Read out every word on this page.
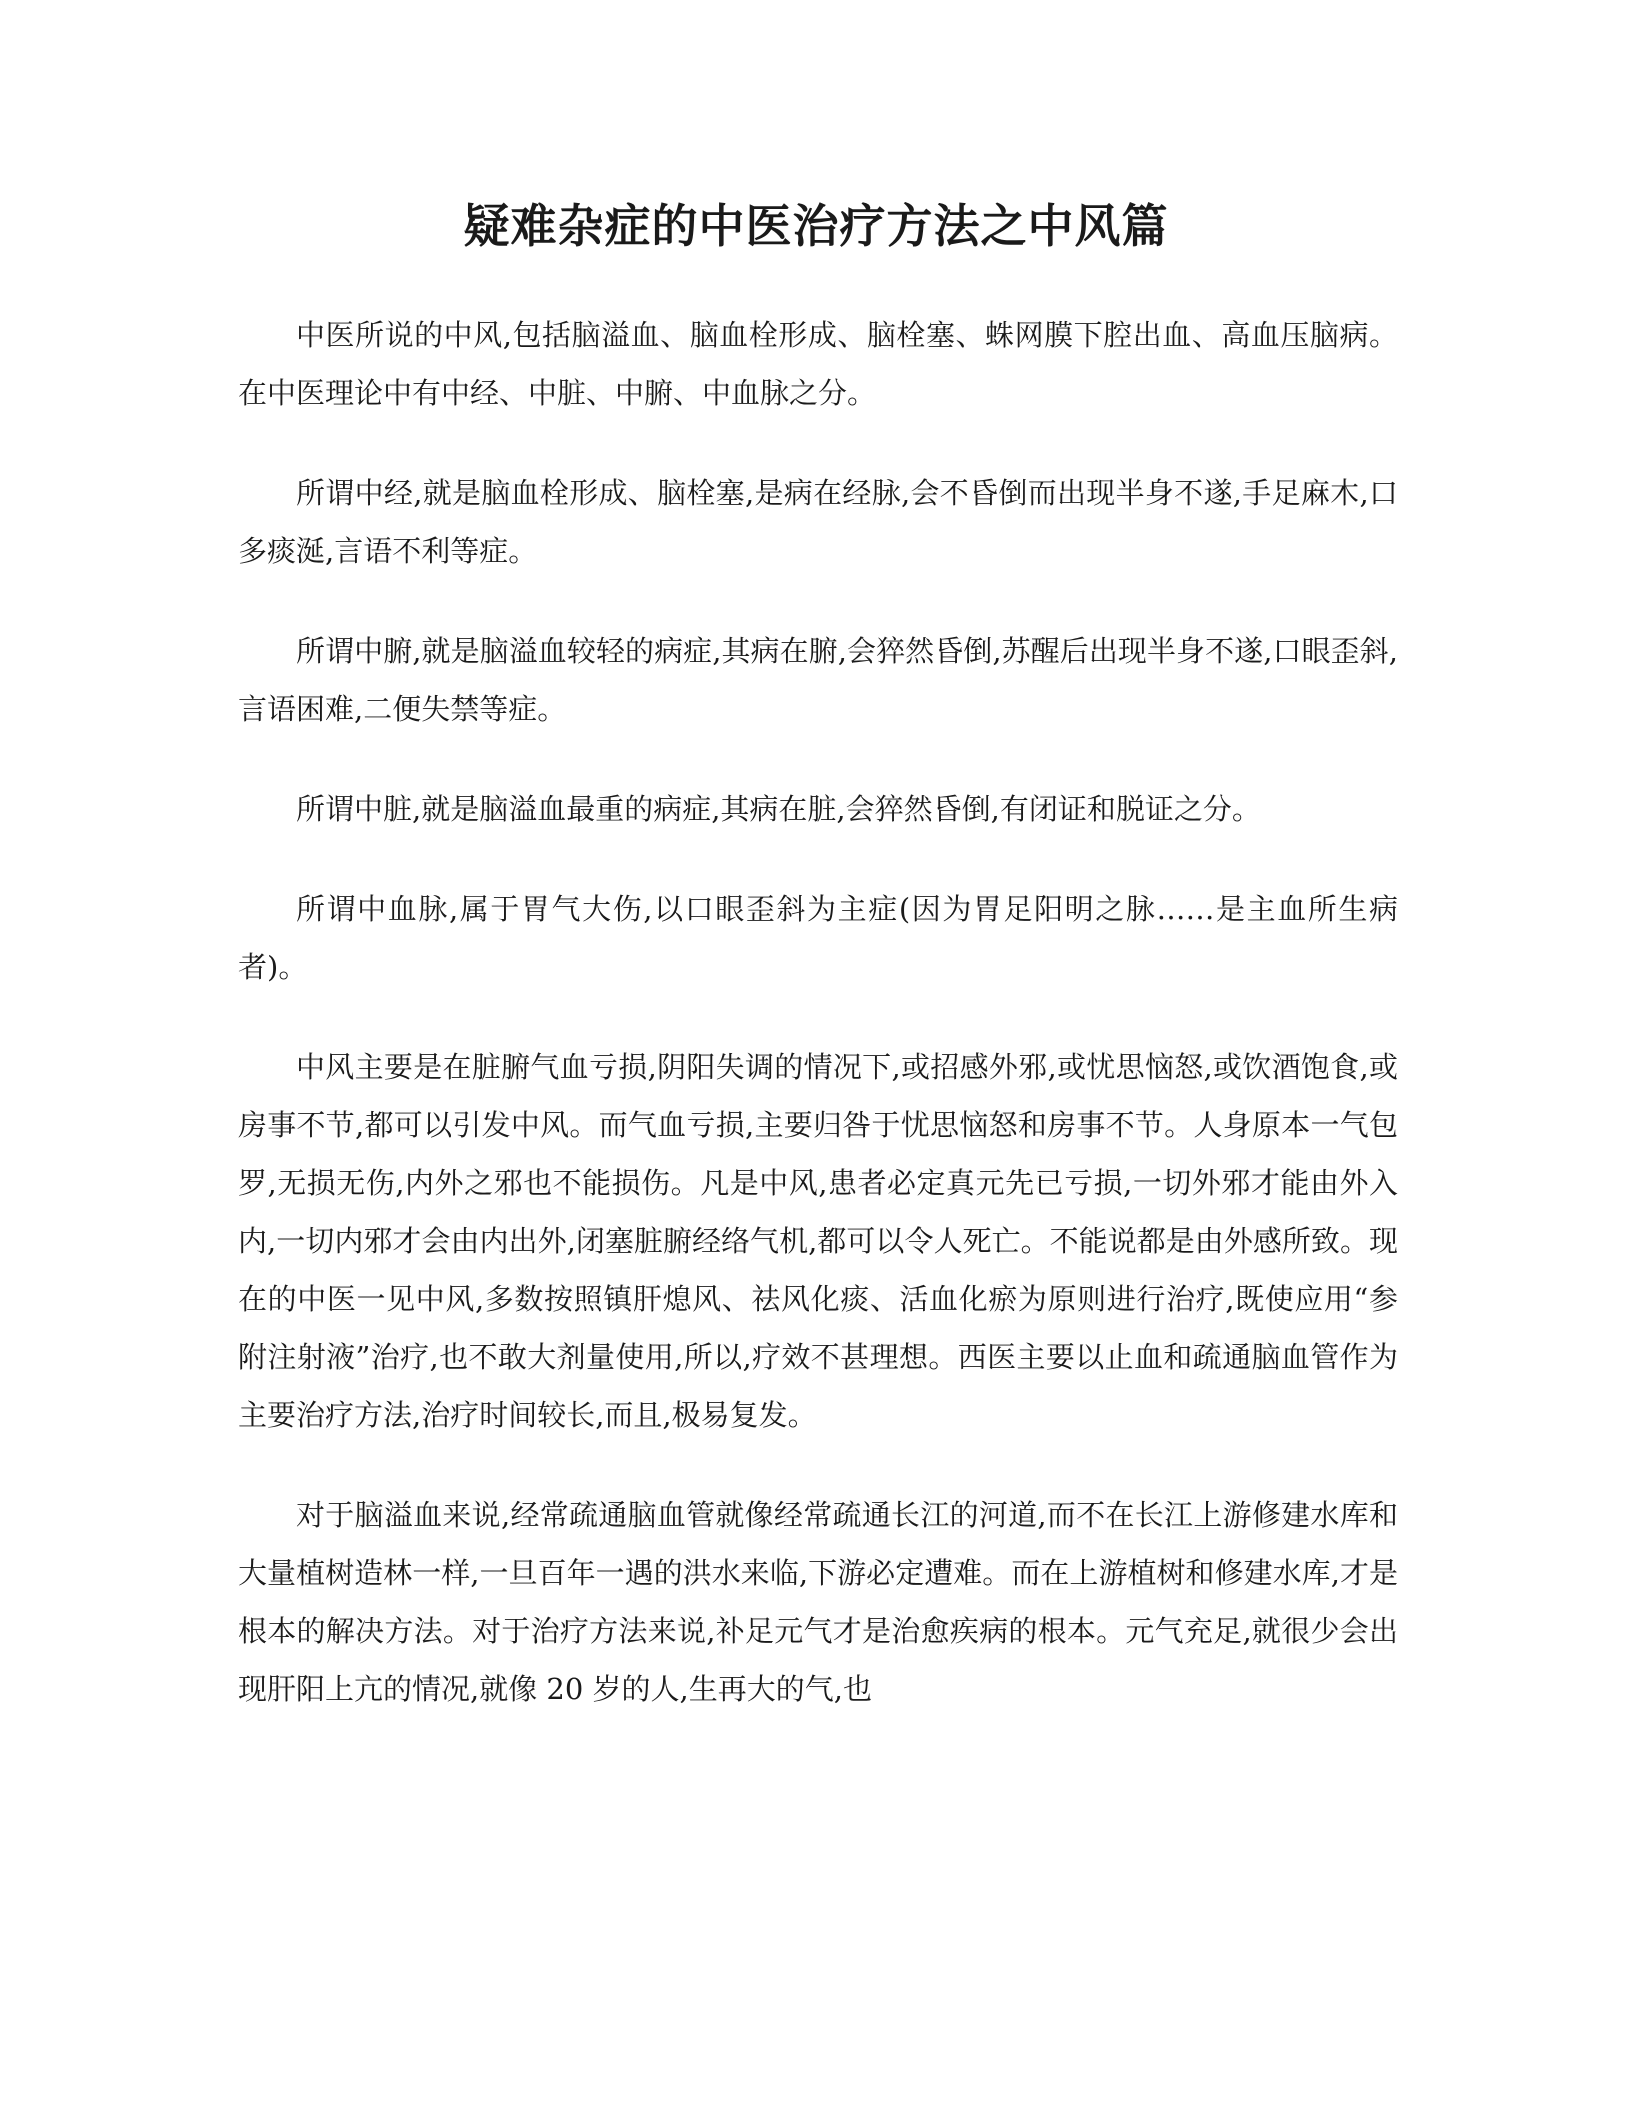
疑难杂症的中医治疗方法之中风篇

中医所说的中风,包括脑溢血、脑血栓形成、脑栓塞、蛛网膜下腔出血、高血压脑病。在中医理论中有中经、中脏、中腑、中血脉之分。

所谓中经,就是脑血栓形成、脑栓塞,是病在经脉,会不昏倒而出现半身不遂,手足麻木,口多痰涎,言语不利等症。

所谓中腑,就是脑溢血较轻的病症,其病在腑,会猝然昏倒,苏醒后出现半身不遂,口眼歪斜,言语困难,二便失禁等症。

所谓中脏,就是脑溢血最重的病症,其病在脏,会猝然昏倒,有闭证和脱证之分。

所谓中血脉,属于胃气大伤,以口眼歪斜为主症(因为胃足阳明之脉……是主血所生病者)。

中风主要是在脏腑气血亏损,阴阳失调的情况下,或招感外邪,或忧思恼怒,或饮酒饱食,或房事不节,都可以引发中风。而气血亏损,主要归咎于忧思恼怒和房事不节。人身原本一气包罗,无损无伤,内外之邪也不能损伤。凡是中风,患者必定真元先已亏损,一切外邪才能由外入内,一切内邪才会由内出外,闭塞脏腑经络气机,都可以令人死亡。不能说都是由外感所致。现在的中医一见中风,多数按照镇肝熄风、祛风化痰、活血化瘀为原则进行治疗,既使应用“参附注射液”治疗,也不敢大剂量使用,所以,疗效不甚理想。西医主要以止血和疏通脑血管作为主要治疗方法,治疗时间较长,而且,极易复发。

对于脑溢血来说,经常疏通脑血管就像经常疏通长江的河道,而不在长江上游修建水库和大量植树造林一样,一旦百年一遇的洪水来临,下游必定遭难。而在上游植树和修建水库,才是根本的解决方法。对于治疗方法来说,补足元气才是治愈疾病的根本。元气充足,就很少会出现肝阳上亢的情况,就像 20 岁的人,生再大的气,也
